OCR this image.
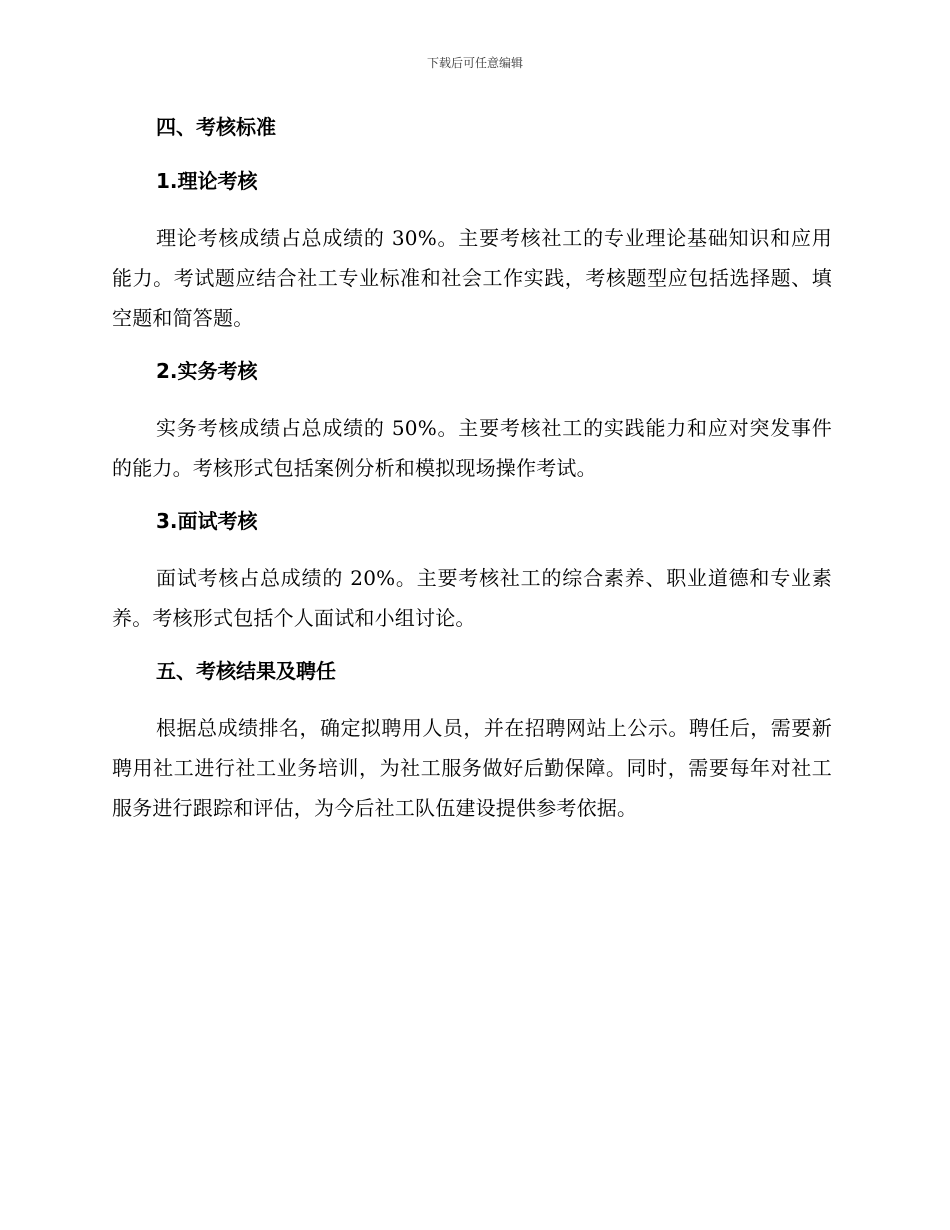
下载后可任意编辑
四、考核标准
1.理论考核

理论考核成绩占总成绩的 30%。主要考核社工的专业理论基础知识和应用能力。考试题应结合社工专业标准和社会工作实践，考核题型应包括选择题、填空题和简答题。

2.实务考核

实务考核成绩占总成绩的 50%。主要考核社工的实践能力和应对突发事件的能力。考核形式包括案例分析和模拟现场操作考试。

3.面试考核

面试考核占总成绩的 20%。主要考核社工的综合素养、职业道德和专业素养。考核形式包括个人面试和小组讨论。

五、考核结果及聘任

根据总成绩排名，确定拟聘用人员，并在招聘网站上公示。聘任后，需要新聘用社工进行社工业务培训，为社工服务做好后勤保障。同时，需要每年对社工服务进行跟踪和评估，为今后社工队伍建设提供参考依据。
